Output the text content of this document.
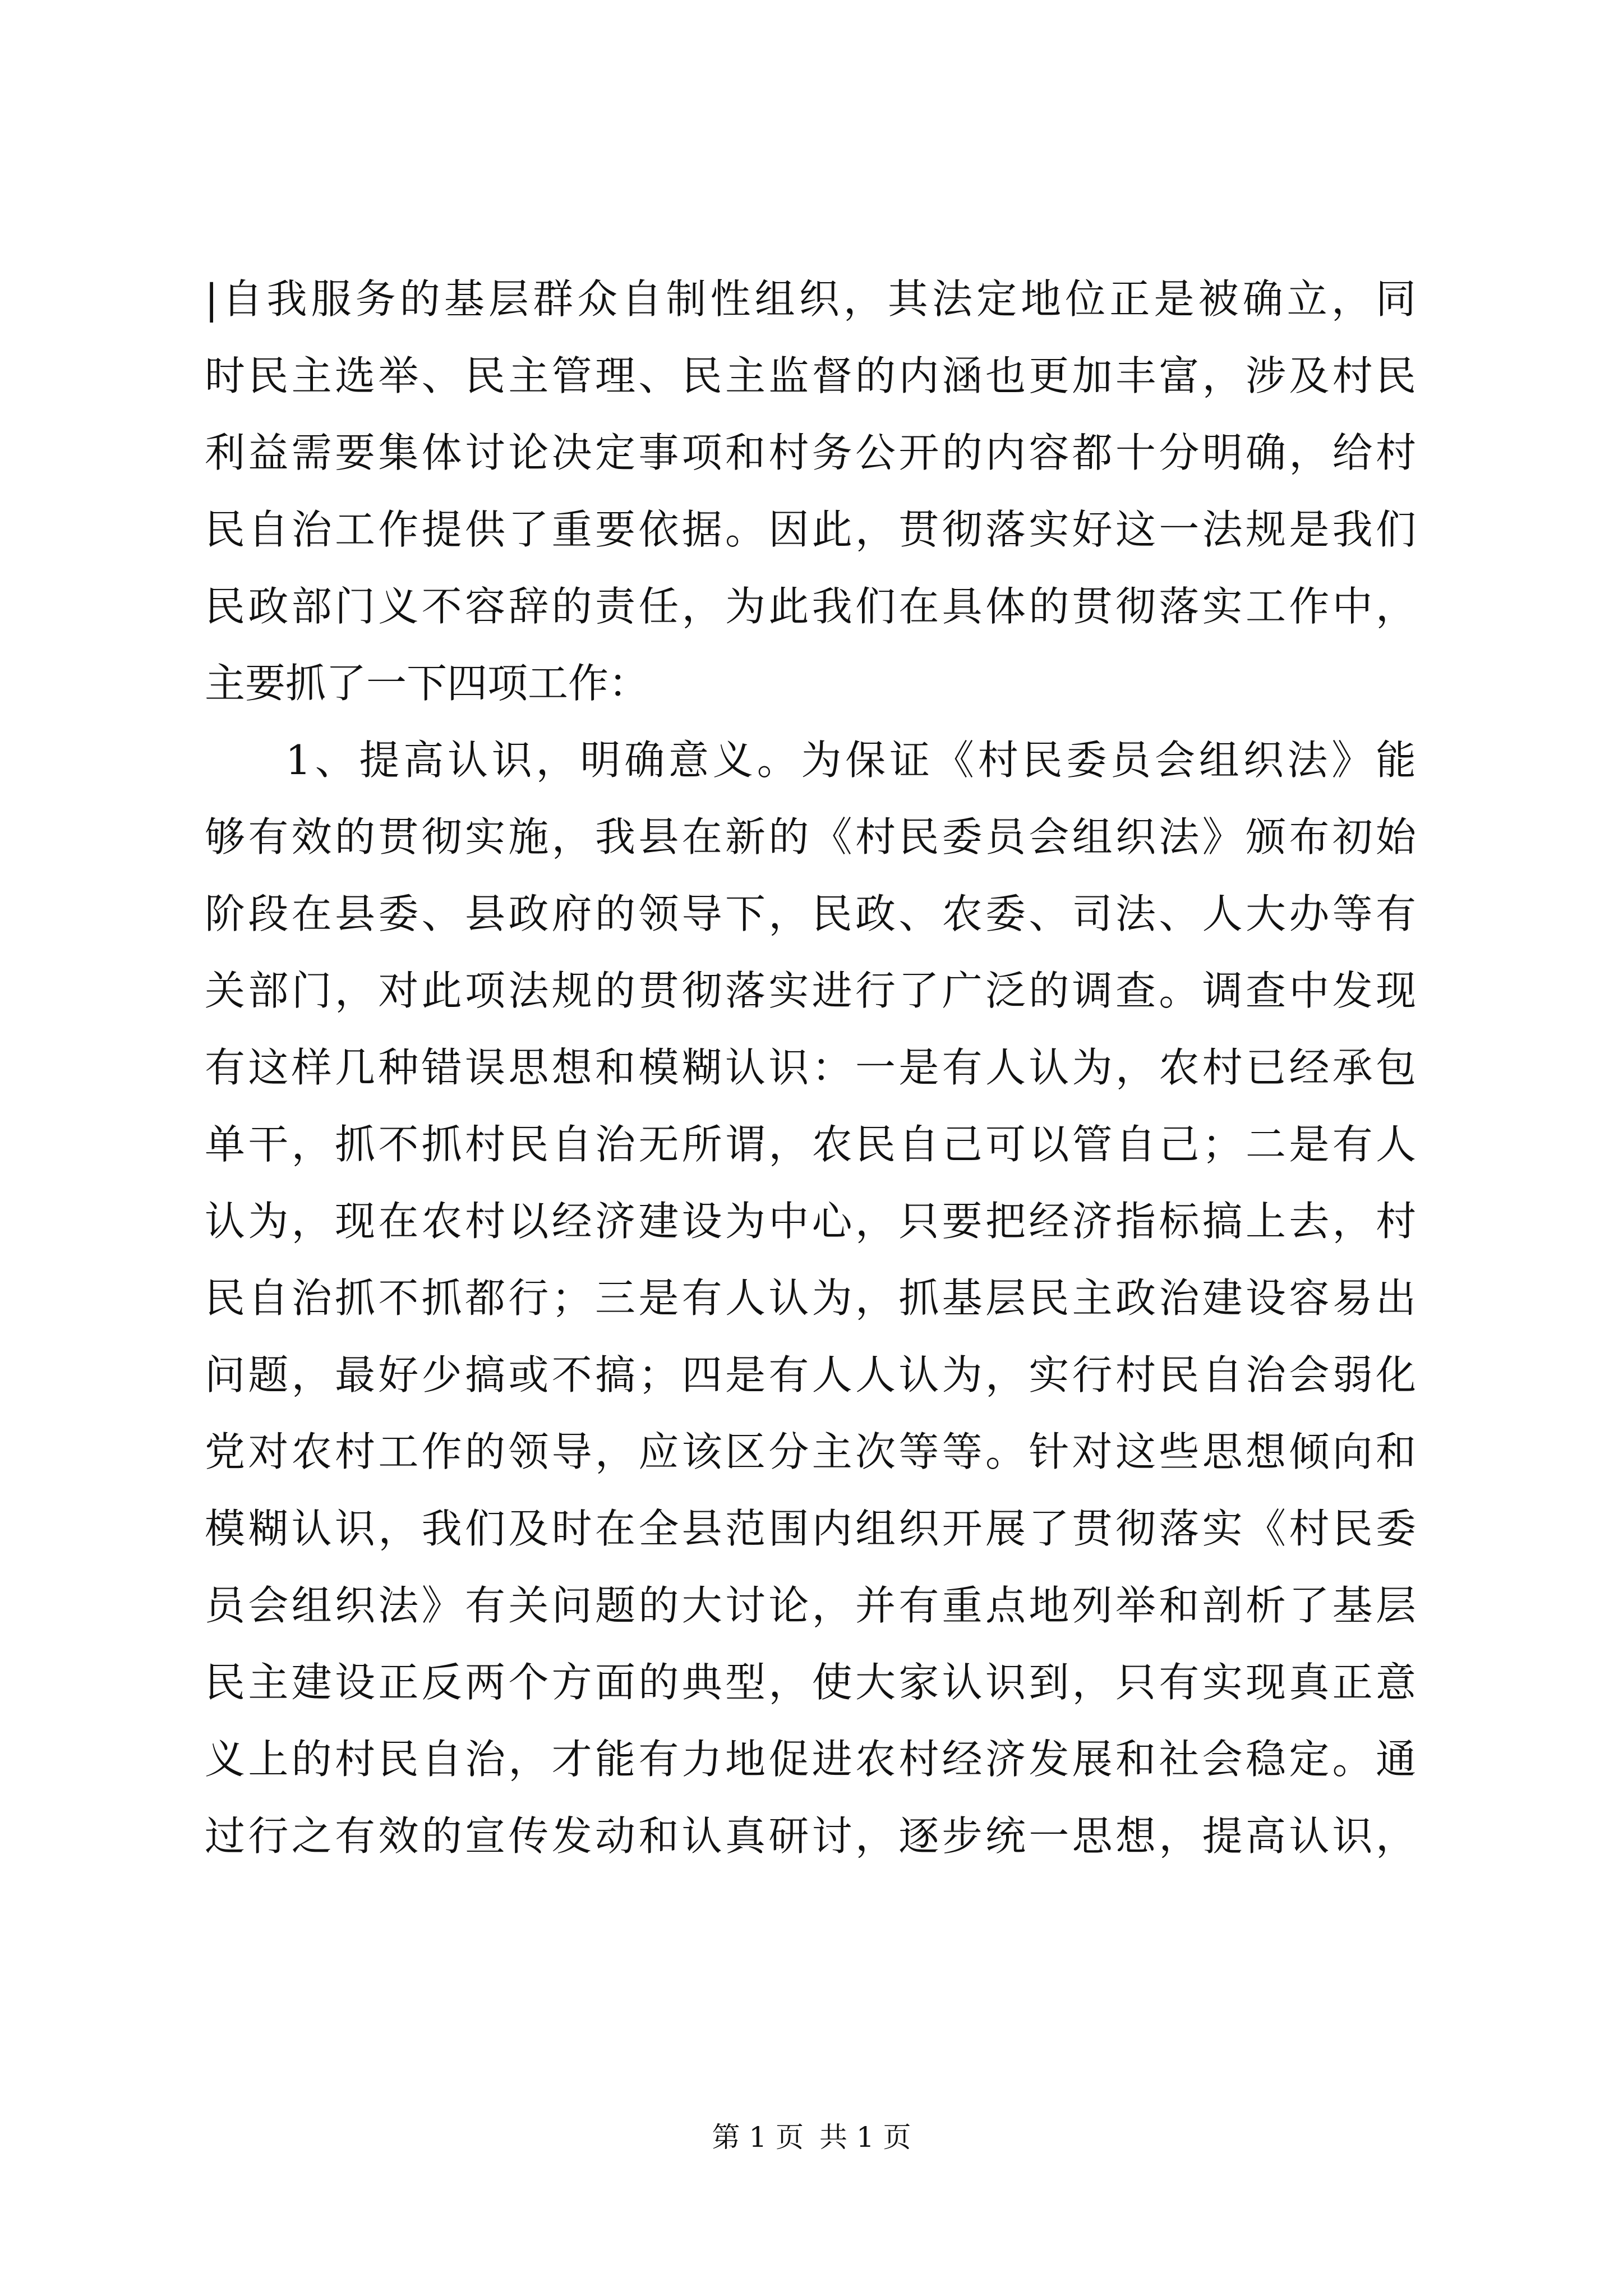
|自我服务的基层群众自制性组织，其法定地位正是被确立，同
时民主选举、民主管理、民主监督的内涵也更加丰富，涉及村民
利益需要集体讨论决定事项和村务公开的内容都十分明确，给村
民自治工作提供了重要依据。因此，贯彻落实好这一法规是我们
民政部门义不容辞的责任，为此我们在具体的贯彻落实工作中，
主要抓了一下四项工作：
1、提高认识，明确意义。为保证《村民委员会组织法》能
够有效的贯彻实施，我县在新的《村民委员会组织法》颁布初始
阶段在县委、县政府的领导下，民政、农委、司法、人大办等有
关部门，对此项法规的贯彻落实进行了广泛的调查。调查中发现
有这样几种错误思想和模糊认识：一是有人认为，农村已经承包
单干，抓不抓村民自治无所谓，农民自己可以管自己；二是有人
认为，现在农村以经济建设为中心，只要把经济指标搞上去，村
民自治抓不抓都行；三是有人认为，抓基层民主政治建设容易出
问题，最好少搞或不搞；四是有人人认为，实行村民自治会弱化
党对农村工作的领导，应该区分主次等等。针对这些思想倾向和
模糊认识，我们及时在全县范围内组织开展了贯彻落实《村民委
员会组织法》有关问题的大讨论，并有重点地列举和剖析了基层
民主建设正反两个方面的典型，使大家认识到，只有实现真正意
义上的村民自治，才能有力地促进农村经济发展和社会稳定。通
过行之有效的宣传发动和认真研讨，逐步统一思想，提高认识，
第 1 页 共 1 页
